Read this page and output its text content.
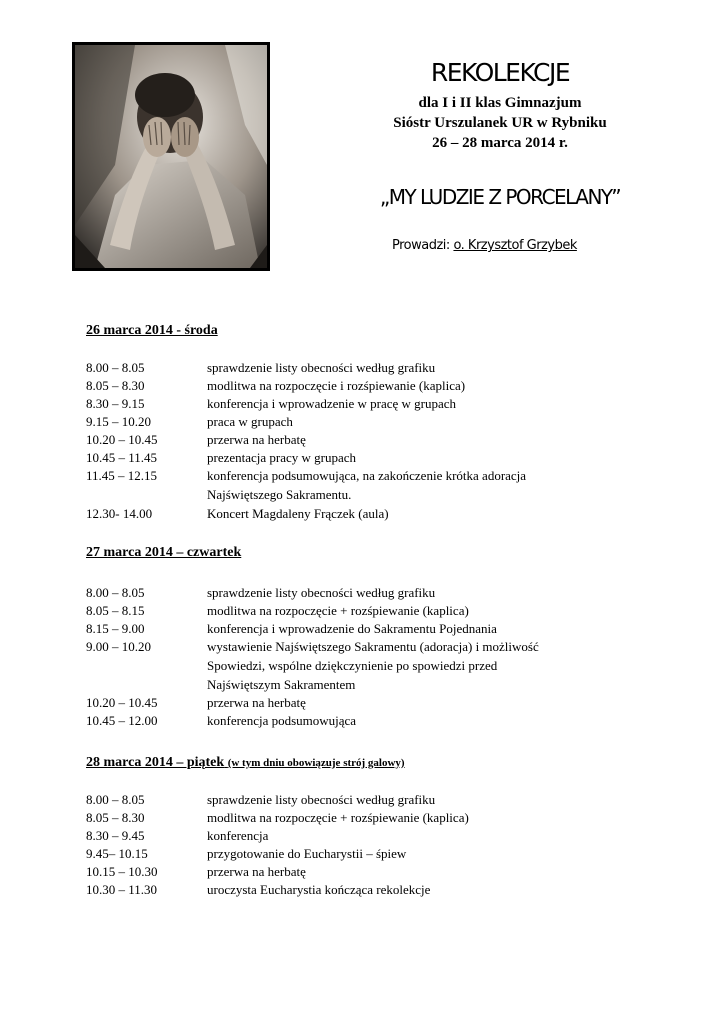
REKOLEKCJE
dla I i II klas Gimnazjum
Sióstr Urszulanek UR w Rybniku
26 – 28 marca 2014 r.
„MY LUDZIE Z PORCELANY”
Prowadzi: o. Krzysztof Grzybek
26 marca 2014 - środa
8.00 – 8.05	sprawdzenie listy obecności według grafiku
8.05 – 8.30	modlitwa na rozpoczęcie i rozśpiewanie (kaplica)
8.30 – 9.15	konferencja i wprowadzenie w pracę w grupach
9.15 – 10.20	praca w grupach
10.20 – 10.45	przerwa na herbatę
10.45 – 11.45	prezentacja pracy w grupach
11.45 – 12.15	konferencja podsumowująca, na zakończenie krótka adoracja
Najświętszego Sakramentu.
12.30- 14.00	Koncert Magdaleny Frączek (aula)
27 marca 2014 – czwartek
8.00 – 8.05	sprawdzenie listy obecności według grafiku
8.05 – 8.15	modlitwa na rozpoczęcie + rozśpiewanie (kaplica)
8.15 – 9.00	konferencja i wprowadzenie do Sakramentu Pojednania
9.00 – 10.20	wystawienie Najświętszego Sakramentu (adoracja) i możliwość
Spowiedzi, wspólne dziękczynienie po spowiedzi przed
Najświętszym Sakramentem
10.20 – 10.45	przerwa na herbatę
10.45 – 12.00	konferencja podsumowująca
28 marca 2014 – piątek (w tym dniu obowiązuje strój galowy)
8.00 – 8.05	sprawdzenie listy obecności według grafiku
8.05 – 8.30	modlitwa na rozpoczęcie + rozśpiewanie (kaplica)
8.30 – 9.45	konferencja
9.45– 10.15	przygotowanie do Eucharystii – śpiew
10.15 – 10.30	przerwa na herbatę
10.30 – 11.30	uroczysta Eucharystia kończąca rekolekcje
